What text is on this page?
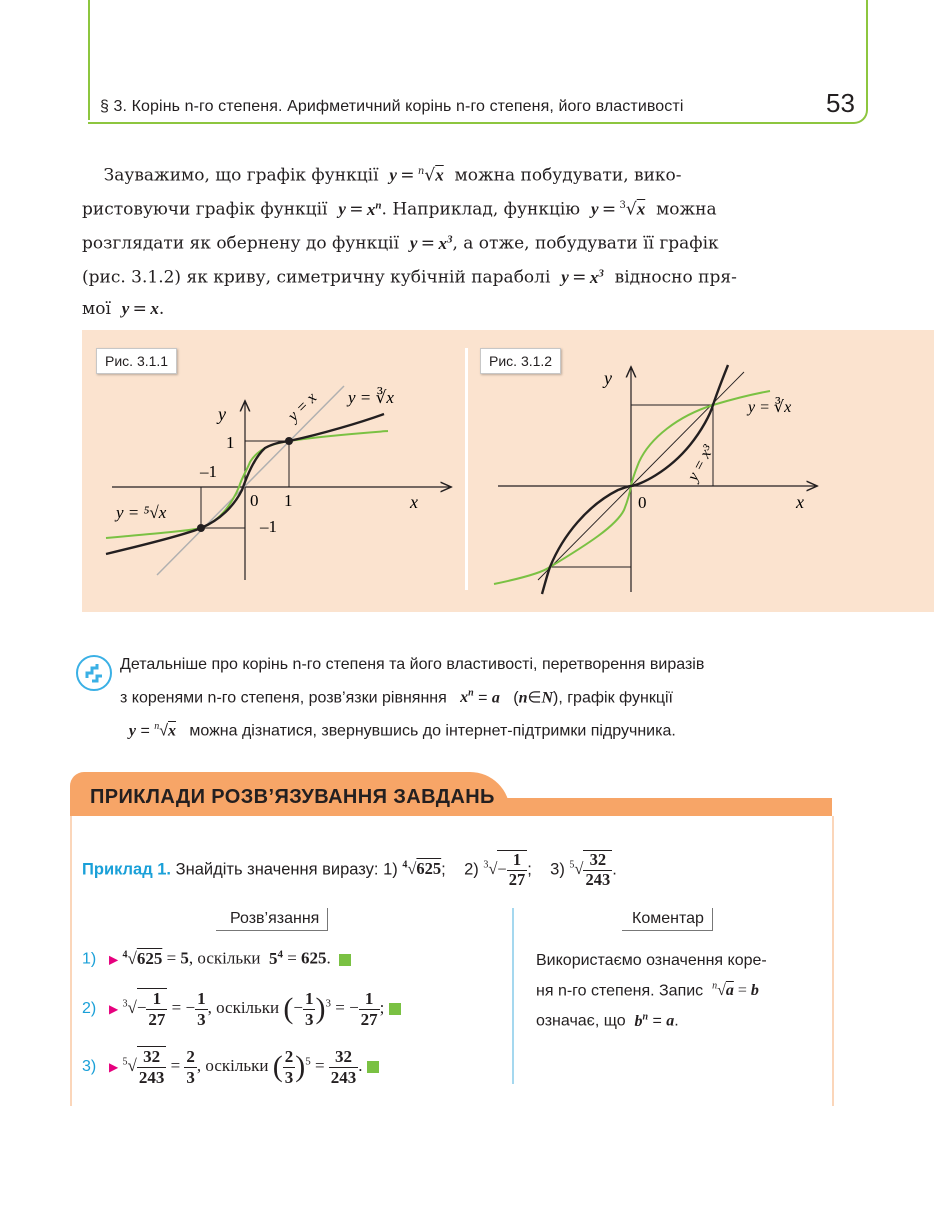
§ 3. Корінь n-го степеня. Арифметичний корінь n-го степеня, його властивості	53
Зауважимо, що графік функції y = $^n$√x можна побудувати, вико-
ристовуючи графік функції $y = x^n$. Наприклад, функцію y = $^3$√x можна
розглядати як обернену до функції $y = x^3$, а отже, побудувати її графік
(рис. 3.1.2) як криву, симетричну кубічній параболі $y = x^3$ відносно пря-
мої y = x.
y
x
1
–1
0 1
–1
y = x y = ∛x
y = ⁵√x
Рис. 3.1.1
y
x
0
y = ∛x
y = x³
Рис. 3.1.2
Детальніше про корінь n-го степеня та його властивості, перетворення виразів
з коренями n-го степеня, розв’язки рівняння $x^n = a$   (n∈N), графік функції
y = $^n$√x можна дізнатися, звернувшись до інтернет-підтримки підручника.
ПРИКЛАДИ РОЗВ’ЯЗУВАННЯ ЗАВДАНЬ
Приклад 1. Знайдіть значення виразу: 1) $^4$√625;    2) $^3√- \frac{1}{27}$ ;    3) $^5√ \frac{32}{243}$ .
Розв’язання	Коментар
1) ▶ $^4$√625 = 5, оскільки $5^4 = 625$.
2) ▶ $^3√- \frac{1}{27}$ = − $\frac{1}{3}$ , оскільки (− $\frac{1}{3} )^3$ = − $\frac{1}{27}$ ;
3) ▶ $^5√ \frac{32}{243} = \frac{2}{3}$ , оскільки ( $\frac{2}{3} )^5 = \frac{32}{243}$ .
Використаємо означення коре-
ня n-го степеня. Запис $^n$√a = b
означає, що $b^n = a$.
